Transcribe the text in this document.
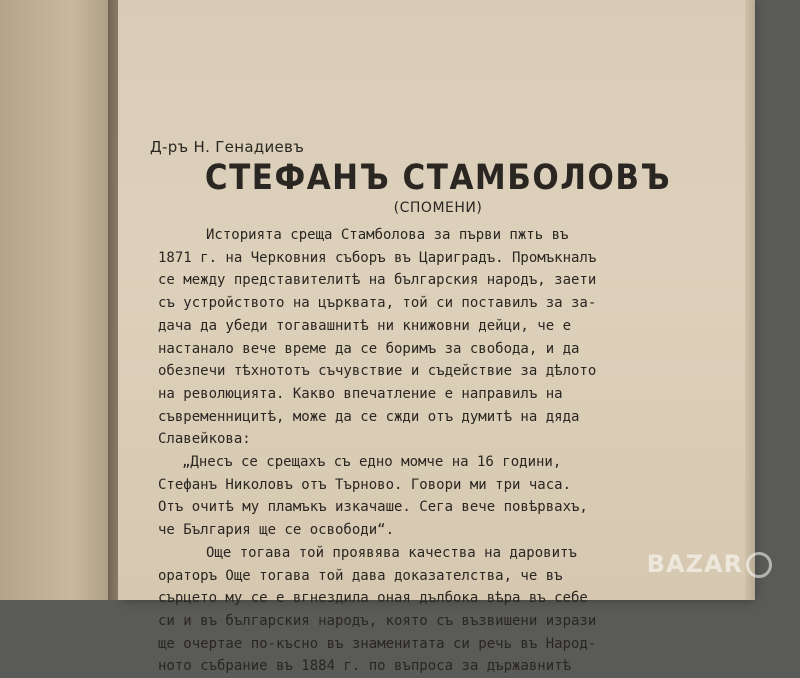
Д-ръ Н. Генадиевъ
СТЕФАНЪ СТАМБОЛОВЪ
(СПОМЕНИ)

Историята среща Стамболова за първи пжть въ

1871 г. на Черковния съборъ въ Цариградъ. Промъкналъ

се между представителитѣ на българския народъ, заети

съ устройството на църквата, той си поставилъ за за-

дача да убеди тогавашнитѣ ни книжовни дейци, че е

настанало вече време да се боримъ за свобода, и да

обезпечи тѣхнототъ съчувствие и съдействие за дѣлото

на революцията. Какво впечатление е направилъ на

съвременницитѣ, може да се сжди отъ думитѣ на дяда

Славейкова:

„Днесъ се срещахъ съ едно момче на 16 години,

Стефанъ Николовъ отъ Търново. Говори ми три часа.

Отъ очитѣ му пламъкъ изкачаше. Сега вече повѣрвахъ,

че България ще се освободи“.

Още тогава той проявява качества на даровитъ

ораторъ Още тогава той дава доказателства, че въ

сърцето му се е вгнездила оная дълбока вѣра въ себе

си и въ българския народъ, която съ възвишени изрази

ще очертае по-късно въ знаменитата си речь въ Народ-

ното събрание въ 1884 г. по въпроса за държавнитѣ

BAZAR
